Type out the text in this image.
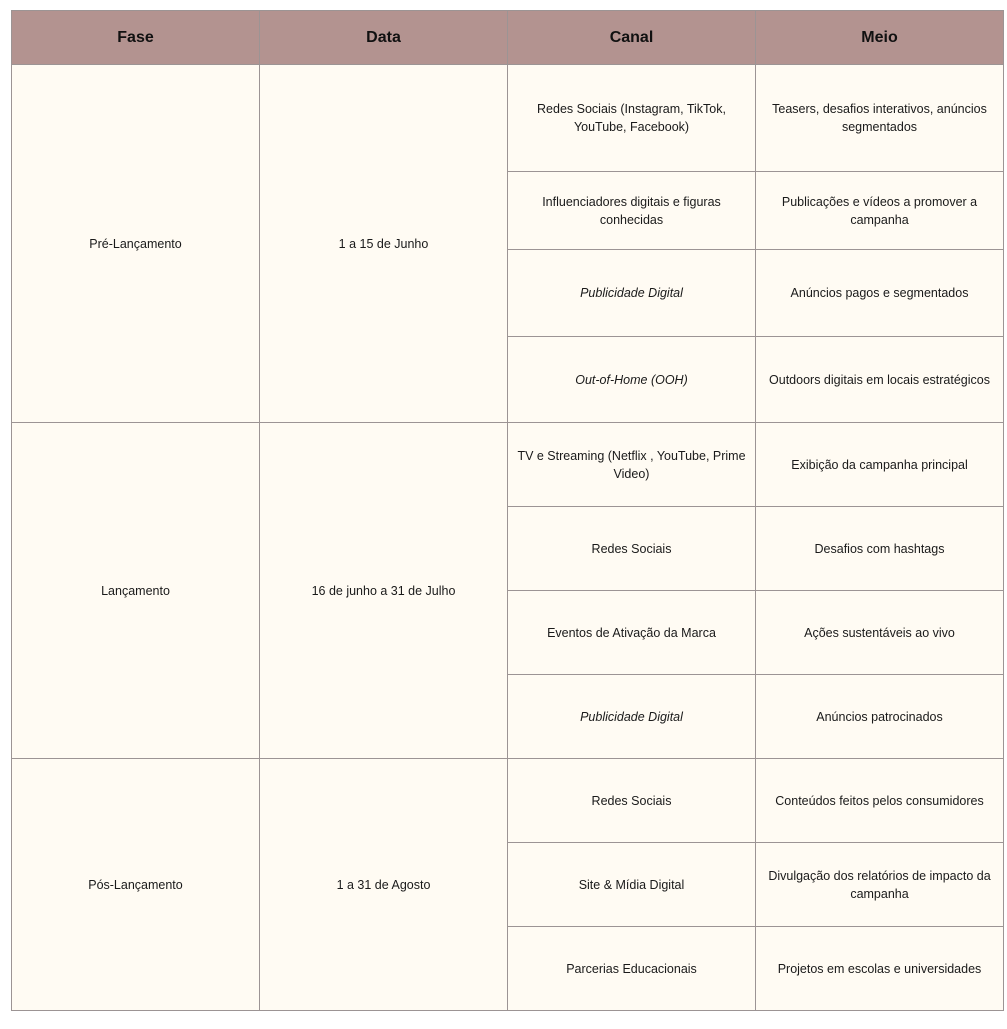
Fase	Data	Canal	Meio
Pré-Lançamento	1 a 15 de Junho	Redes Sociais (Instagram, TikTok, YouTube, Facebook)	Teasers, desafios interativos, anúncios segmentados
		Influenciadores digitais e figuras conhecidas	Publicações e vídeos a promover a campanha
		Publicidade Digital	Anúncios pagos e segmentados
		Out-of-Home (OOH)	Outdoors digitais em locais estratégicos
Lançamento	16 de junho a 31 de Julho	TV e Streaming (Netflix , YouTube, Prime Video)	Exibição da campanha principal
		Redes Sociais	Desafios com hashtags
		Eventos de Ativação da Marca	Ações sustentáveis ao vivo
		Publicidade Digital	Anúncios patrocinados
Pós-Lançamento	1 a 31 de Agosto	Redes Sociais	Conteúdos feitos pelos consumidores
		Site & Mídia Digital	Divulgação dos relatórios de impacto da campanha
		Parcerias Educacionais	Projetos em escolas e universidades
